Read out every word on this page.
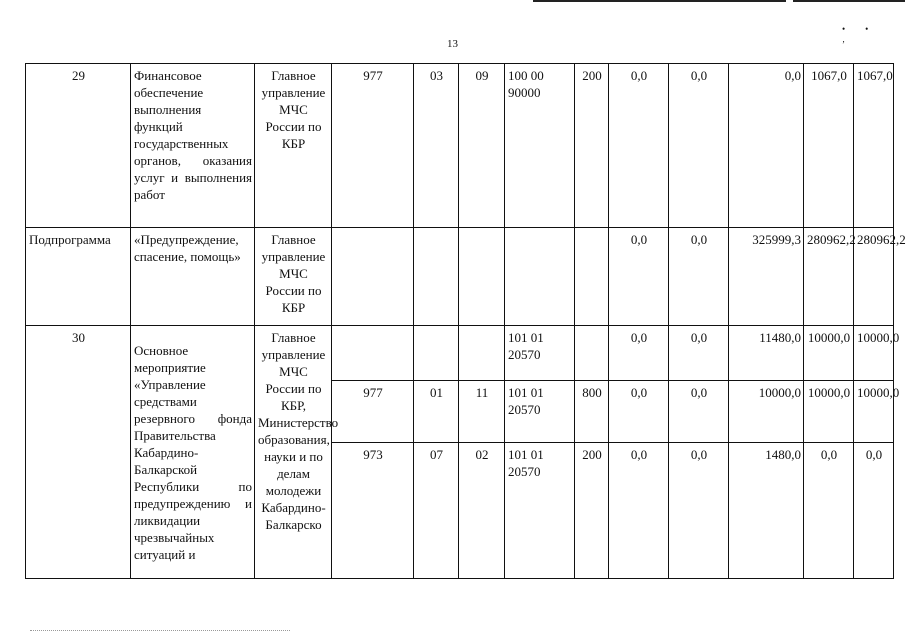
13
•• ‚
29	Финансовое обеспечение выполнения функций государственных органов, оказания услуг и выполнения работ	Главное управление МЧС России по КБР	977	03	09	100 00 90000	200	0,0	0,0	0,0	1067,0	1067,0
Подпрограмма	«Предупреждение, спасение, помощь»	Главное управление МЧС России по КБР						0,0	0,0	325999,3	280962,2	280962,2
30	Основное мероприятие «Управление средствами резервного фонда Правительства Кабардино-Балкарской Республики по предупреждению и ликвидации чрезвычайных ситуаций и	Главное управление МЧС России по КБР, Министерство образования, науки и по делам молодежи Кабардино-Балкарско				101 01 20570		0,0	0,0	11480,0	10000,0	10000,0
			977	01	11	101 01 20570	800	0,0	0,0	10000,0	10000,0	10000,0
			973	07	02	101 01 20570	200	0,0	0,0	1480,0	0,0	0,0
